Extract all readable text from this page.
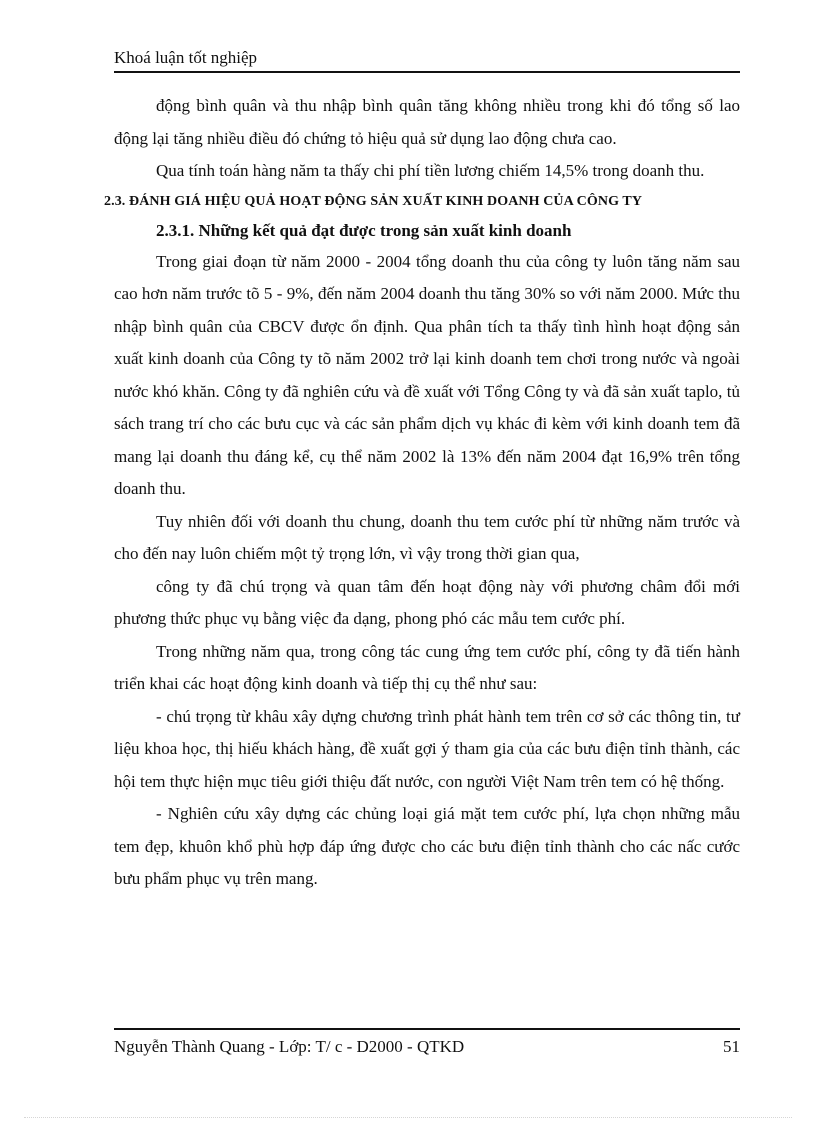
Khoá luận tốt nghiệp

động bình quân và thu nhập bình quân tăng không nhiều trong khi đó tổng số lao động lại tăng nhiều điều đó chứng tỏ hiệu quả sử dụng lao động chưa cao.

Qua tính toán hàng năm ta thấy chi phí tiền lương chiếm 14,5% trong doanh thu.

2.3. ĐÁNH GIÁ HIỆU QUẢ HOẠT ĐỘNG SẢN XUẤT KINH DOANH CỦA CÔNG TY

2.3.1. Những kết quả đạt được trong sản xuất kinh doanh

Trong giai đoạn từ năm 2000 - 2004 tổng doanh thu của công ty luôn tăng năm sau cao hơn năm trước tõ 5 - 9%, đến năm 2004 doanh thu tăng 30% so với năm 2000. Mức thu nhập bình quân của CBCV được ổn định. Qua phân tích ta thấy tình hình hoạt động sản xuất kinh doanh của Công ty tõ năm 2002 trở lại kinh doanh tem chơi trong nước và ngoài nước khó khăn. Công ty đã nghiên cứu và đề xuất với Tổng Công ty và đã sản xuất taplo, tủ sách trang trí cho các bưu cục và các sản phẩm dịch vụ khác đi kèm với kinh doanh tem đã mang lại doanh thu đáng kể, cụ thể năm 2002 là 13% đến năm 2004 đạt 16,9% trên tổng doanh thu.

Tuy nhiên đối với doanh thu chung, doanh thu tem cước phí từ những năm trước và cho đến nay luôn chiếm một tỷ trọng lớn, vì vậy trong thời gian qua,

công ty đã chú trọng và quan tâm đến hoạt động này với phương châm đổi mới phương thức phục vụ bằng việc đa dạng, phong phó các mẫu tem cước phí.

Trong những năm qua, trong công tác cung ứng tem cước phí, công ty đã tiến hành triển khai các hoạt động kinh doanh và tiếp thị cụ thể như sau:

- chú trọng từ khâu xây dựng chương trình phát hành tem trên cơ sở các thông tin, tư liệu khoa học, thị hiếu khách hàng, đề xuất gợi ý tham gia của các bưu điện tỉnh thành, các hội tem thực hiện mục tiêu giới thiệu đất nước, con người Việt Nam trên tem có hệ thống.

- Nghiên cứu xây dựng các chủng loại giá mặt tem cước phí, lựa chọn những mẫu tem đẹp, khuôn khổ phù hợp đáp ứng được cho các bưu điện tỉnh thành cho các nấc cước bưu phẩm phục vụ trên mang.

Nguyễn Thành Quang - Lớp: T/ c - D2000 - QTKD	51
